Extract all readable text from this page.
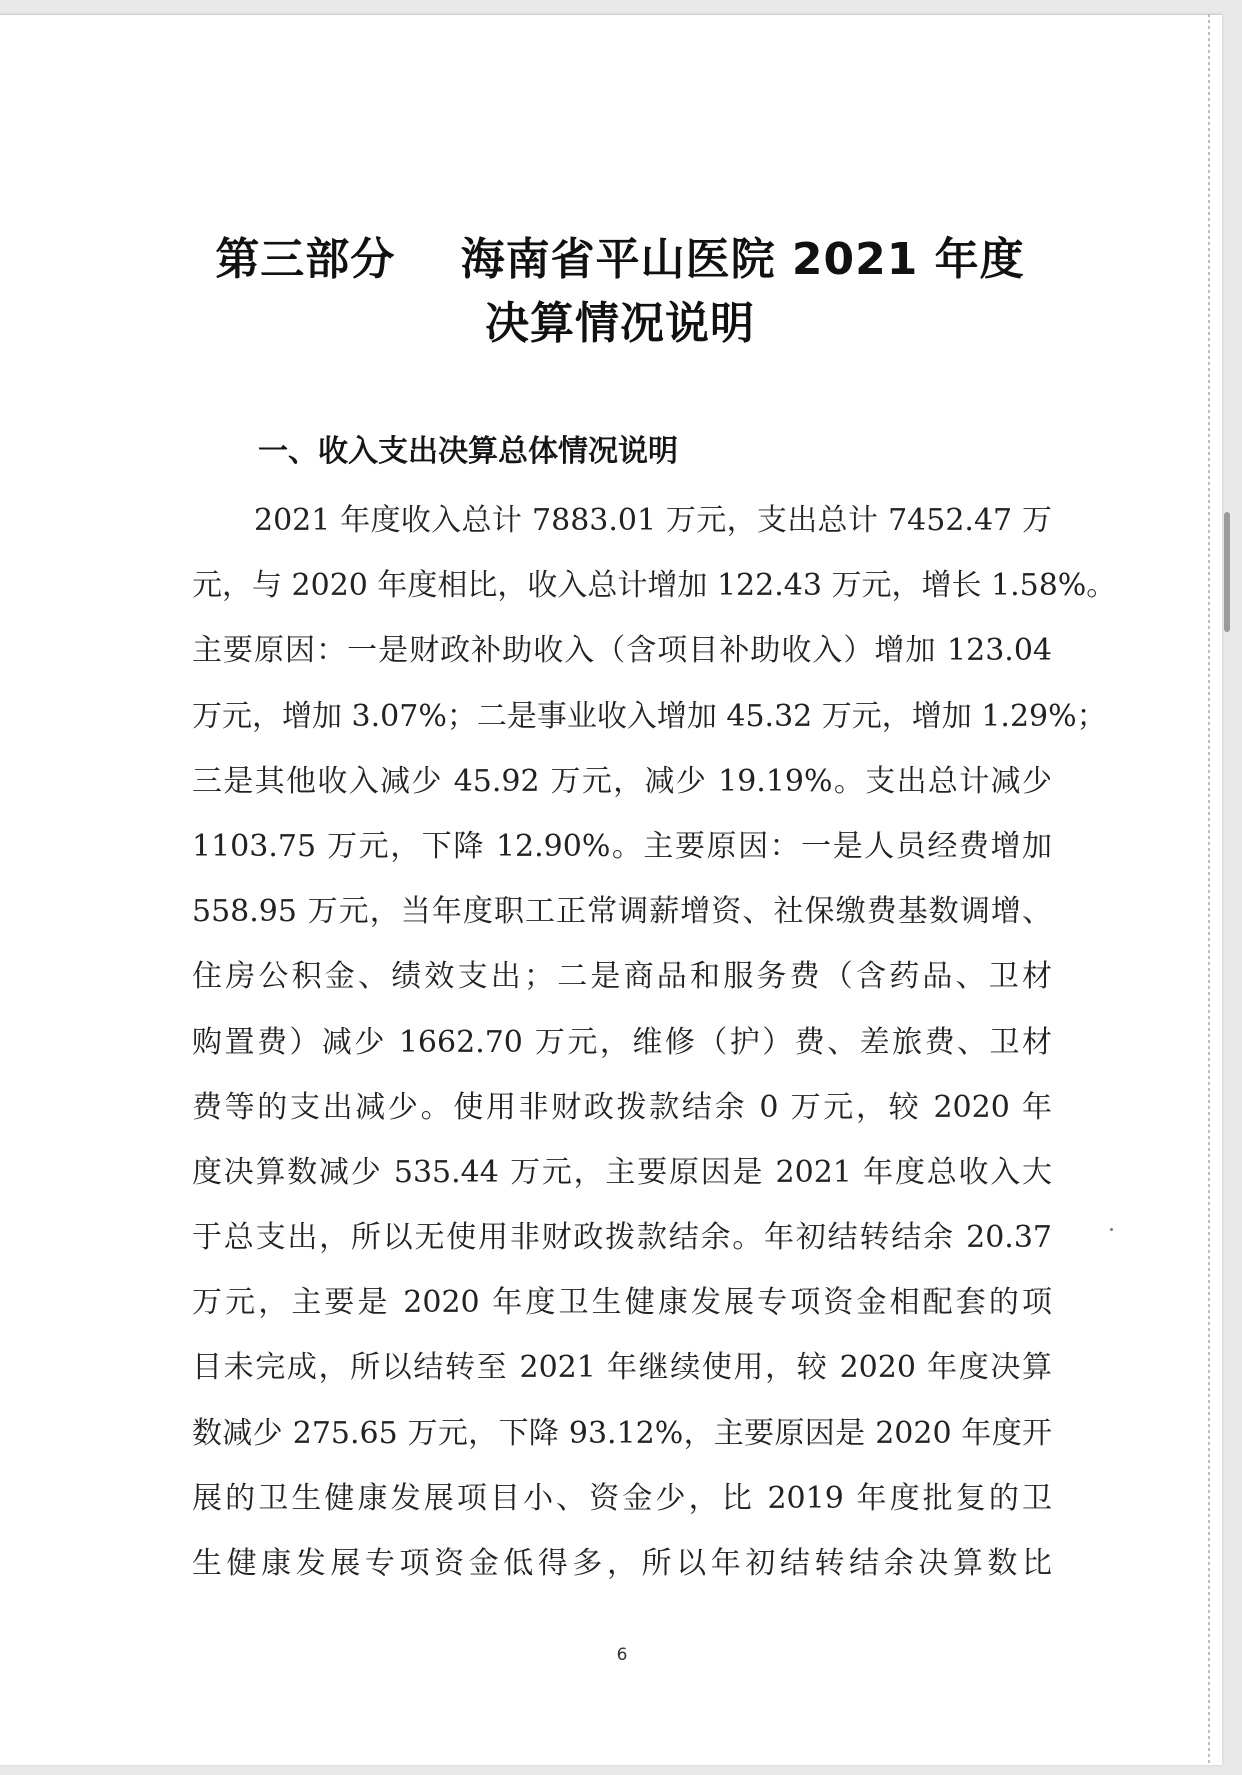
第三部分    海南省平山医院 2021 年度
决算情况说明
一、收入支出决算总体情况说明
2021 年度收入总计 7883.01 万元，支出总计 7452.47 万
元，与 2020 年度相比，收入总计增加 122.43 万元，增长 1.58%。
主要原因：一是财政补助收入（含项目补助收入）增加 123.04
万元，增加 3.07%；二是事业收入增加 45.32 万元，增加 1.29%；
三是其他收入减少 45.92 万元，减少 19.19%。支出总计减少
1103.75 万元，下降 12.90%。主要原因：一是人员经费增加
558.95 万元，当年度职工正常调薪增资、社保缴费基数调增、
住房公积金、绩效支出；二是商品和服务费（含药品、卫材
购置费）减少 1662.70 万元，维修（护）费、差旅费、卫材
费等的支出减少。使用非财政拨款结余 0 万元，较 2020 年
度决算数减少 535.44 万元，主要原因是 2021 年度总收入大
于总支出，所以无使用非财政拨款结余。年初结转结余 20.37
万元，主要是 2020 年度卫生健康发展专项资金相配套的项
目未完成，所以结转至 2021 年继续使用，较 2020 年度决算
数减少 275.65 万元，下降 93.12%，主要原因是 2020 年度开
展的卫生健康发展项目小、资金少，比 2019 年度批复的卫
生健康发展专项资金低得多，所以年初结转结余决算数比
6
